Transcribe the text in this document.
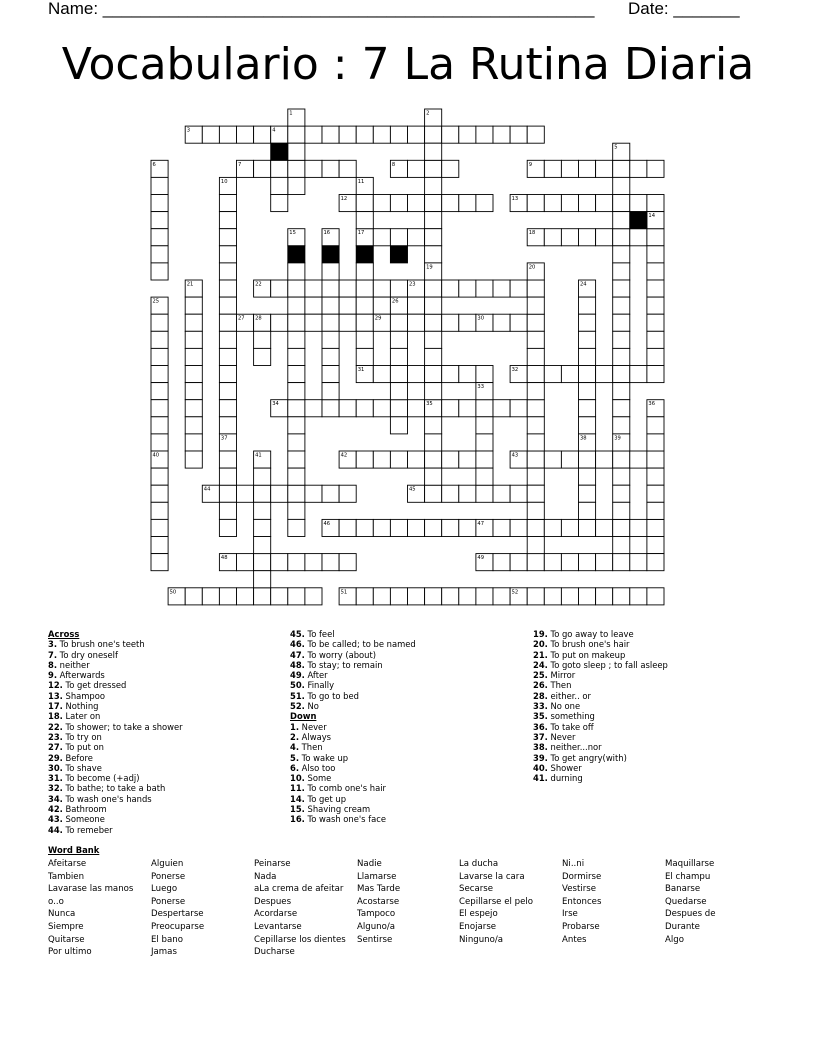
Name: ____________________________________________________ Date: _______
Vocabulario : 7 La Rutina Diaria
1	2
3	4
5
6	7	8	9
10	11
12	13
14
15	16	17	18
19	20
21	22	23	24
25	26
27 28	29	30
31	32
33
34	35	36
37	38	39
40	41	42	43
44	45
46	47
48	49
50	51	52
Across
3. To brush one's teeth
7. To dry oneself
8. neither
9. Afterwards
12. To get dressed
13. Shampoo
17. Nothing
18. Later on
22. To shower; to take a shower
23. To try on
27. To put on
29. Before
30. To shave
31. To become (+adj)
32. To bathe; to take a bath
34. To wash one's hands
42. Bathroom
43. Someone
44. To remeber
45. To feel
46. To be called; to be named
47. To worry (about)
48. To stay; to remain
49. After
50. Finally
51. To go to bed
52. No
Down
1. Never
2. Always
4. Then
5. To wake up
6. Also too
10. Some
11. To comb one's hair
14. To get up
15. Shaving cream
16. To wash one's face
19. To go away to leave
20. To brush one's hair
21. To put on makeup
24. To goto sleep ; to fall asleep
25. Mirror
26. Then
28. either.. or
33. No one
35. something
36. To take off
37. Never
38. neither...nor
39. To get angry(with)
40. Shower
41. durning
Word Bank
Afeitarse
Tambien
Lavarase las manos
o..o
Nunca
Siempre
Quitarse
Por ultimo
Alguien
Ponerse
Luego
Ponerse
Despertarse
Preocuparse
El bano
Jamas
Peinarse
Nada
aLa crema de afeitar
Despues
Acordarse
Levantarse
Cepillarse los dientes
Ducharse
Nadie
Llamarse
Mas Tarde
Acostarse
Tampoco
Alguno/a
Sentirse
La ducha
Lavarse la cara
Secarse
Cepillarse el pelo
El espejo
Enojarse
Ninguno/a
Ni..ni
Dormirse
Vestirse
Entonces
Irse
Probarse
Antes
Maquillarse
El champu
Banarse
Quedarse
Despues de
Durante
Algo
